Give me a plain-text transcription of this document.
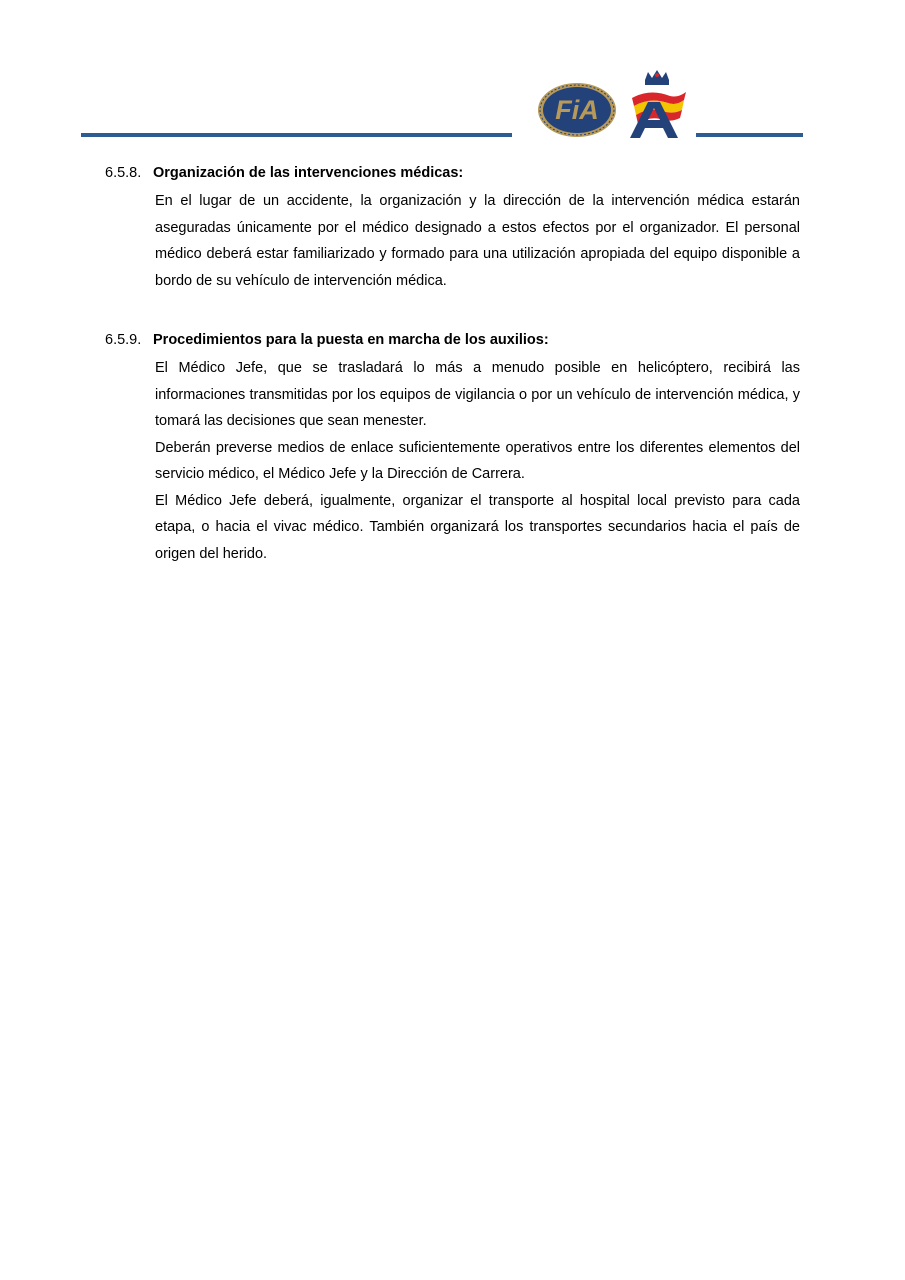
FiA
6.5.8. Organización de las intervenciones médicas:

En el lugar de un accidente, la organización y la dirección de la intervención médica estarán aseguradas únicamente por el médico designado a estos efectos por el organizador. El personal médico deberá estar familiarizado y formado para una utilización apropiada del equipo disponible a bordo de su vehículo de intervención médica.

6.5.9. Procedimientos para la puesta en marcha de los auxilios:

El Médico Jefe, que se trasladará lo más a menudo posible en helicóptero, recibirá las informaciones transmitidas por los equipos de vigilancia o por un vehículo de intervención médica, y tomará las decisiones que sean menester.

Deberán preverse medios de enlace suficientemente operativos entre los diferentes elementos del servicio médico, el Médico Jefe y la Dirección de Carrera.

El Médico Jefe deberá, igualmente, organizar el transporte al hospital local previsto para cada etapa, o hacia el vivac médico. También organizará los transportes secundarios hacia el país de origen del herido.
